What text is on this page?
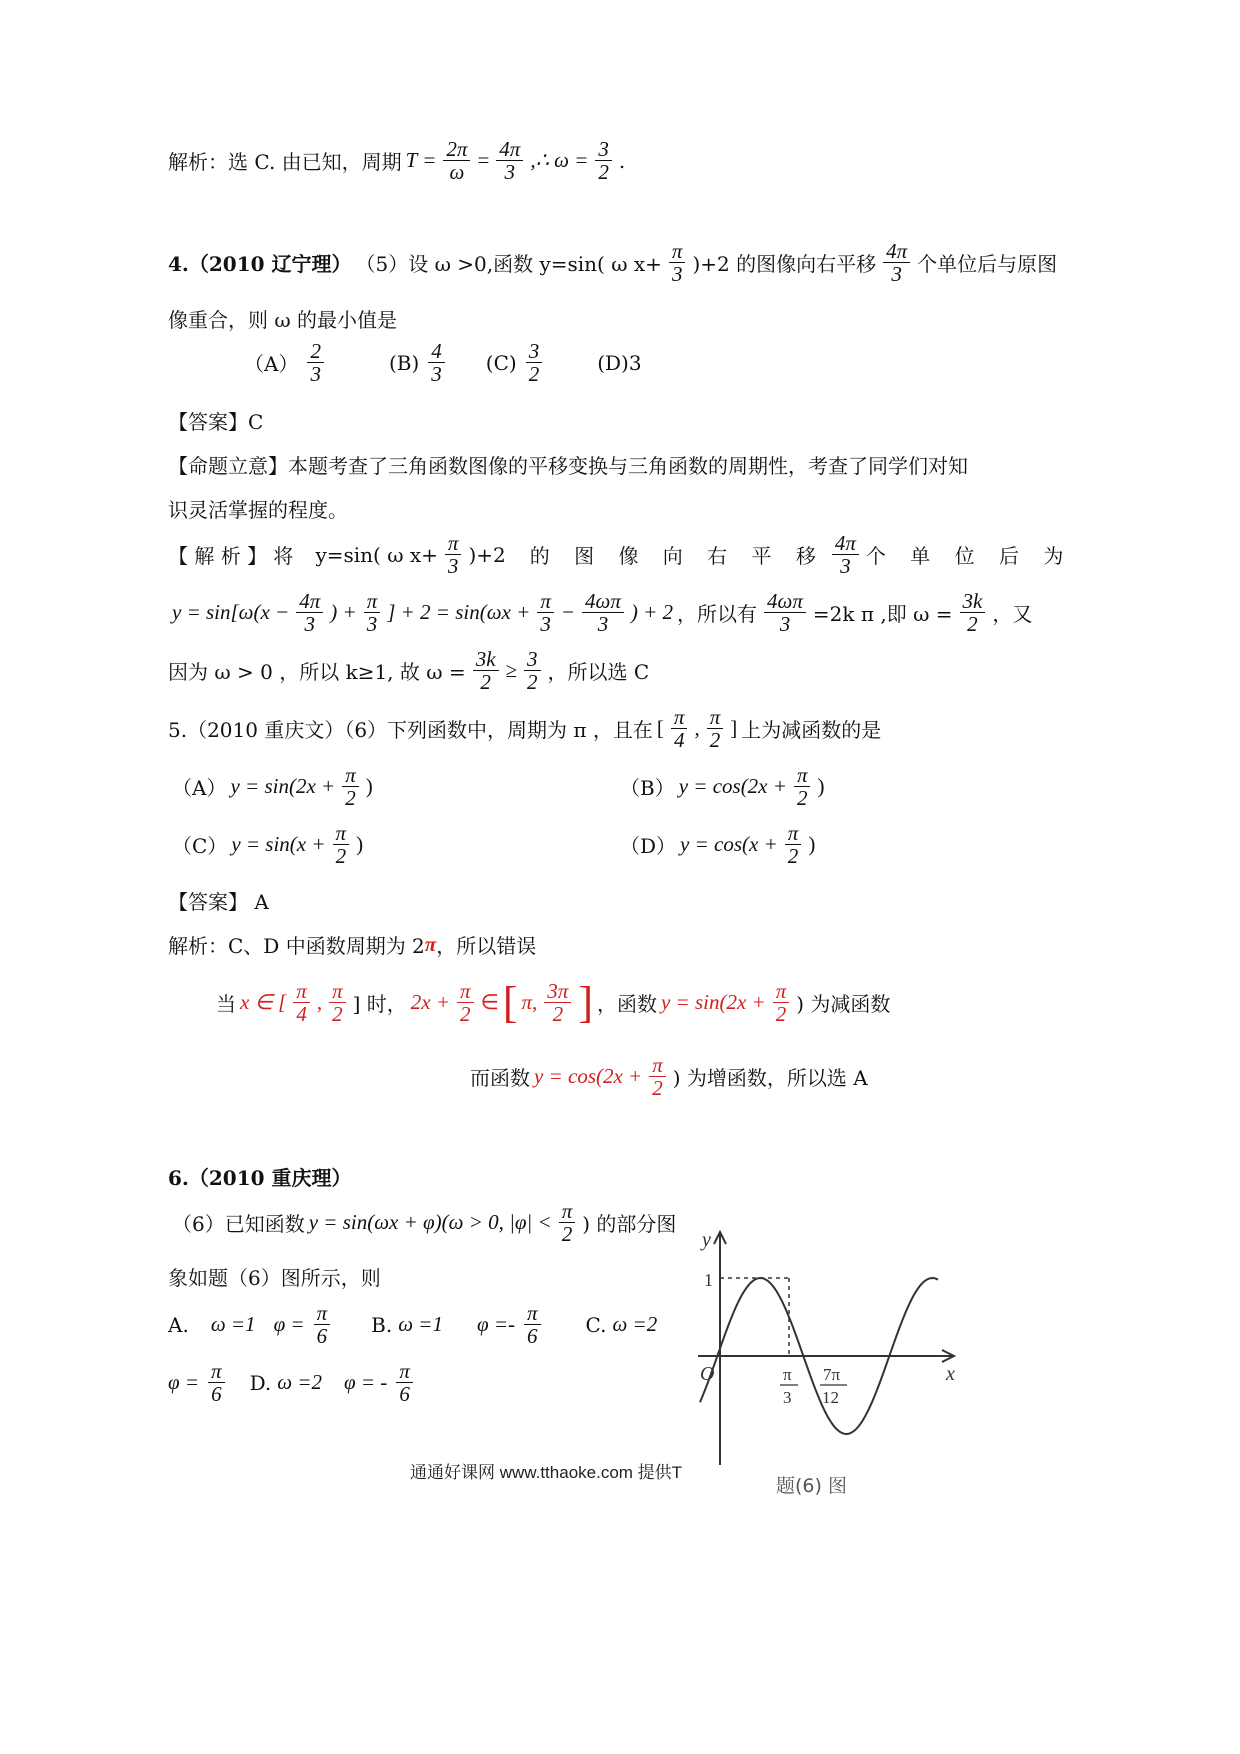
解析：选 C. 由已知，周期 $T = \frac{2\pi}{\omega} = \frac{4\pi}{3}$ ,∴ $\omega = \frac{3}{2}$ .
4.（2010 辽宁理） （5）设 ω >0,函数 y=sin( ω $x+ \frac{\pi}{3} )+2$ 的图像向右平移 $\frac{4\pi}{3}$ 个单位后与原图
像重合，则 ω 的最小值是
$(A) \frac{2}{3}$	$(B) \frac{4}{3} (C) \frac{3}{2}$	(D)3
【答案】C
【命题立意】本题考查了三角函数图像的平移变换与三角函数的周期性，考查了同学们对知
识灵活掌握的程度。
【 解 析 】 将 y=sin( ω $x+ \frac{\pi}{3} )+2$ 的 图 像 向 右 平 移 $\frac{4\pi}{3}$ 个 单 位 后 为
$y = \sin[\omega(x - \frac{4\pi}{3}$ ) + $\frac{\pi}{3}$ ] + $2 = \sin(\omega x + \frac{\pi}{3} - \frac{4\omega\pi}{3}$ ) + 2 ，所以有 $\frac{4\omega\pi}{3} =2k$ π ,即 $\omega = \frac{3k}{2}$ ，又
因为 ω > 0 ，所以 k≥1, 故 $\omega = \frac{3k}{2} \ge \frac{3}{2}$ ，所以选 C
5.（2010 重庆文）（6）下列函数中，周期为 π ，且在 [ $\frac{\pi}{4}$ , $\frac{\pi}{2}$ ] 上为减函数的是
（A） $y = \sin(2x + \frac{\pi}{2}$ )	（B） $y = \cos(2x + \frac{\pi}{2}$ )
（C） $y = \sin(x + \frac{\pi}{2}$ )	（D） $y = \cos(x + \frac{\pi}{2}$ )
【答案】 A
解析：C、D 中函数周期为 2 π ，所以错误
当 x ∈ [ $\frac{\pi}{4}$ , $\frac{\pi}{2}$ ] 时， $2x + \frac{\pi}{2}$ ∈ [ π, $\frac{3\pi}{2}$ ] ，函数 $y = \sin(2x + \frac{\pi}{2}$ ) 为减函数
而函数 $y = \cos(2x + \frac{\pi}{2}$ ) 为增函数，所以选 A
6.（2010 重庆理）
（6）已知函数 y = sin(ωx + φ)(ω > 0, $|\varphi| < \frac{\pi}{2}$ ) 的部分图
象如题（6）图所示，则
A. ω =1 $\varphi = \frac{\pi}{6} B$. ω =1 $\varphi =- \frac{\pi}{6} C$. ω =2
$\varphi = \frac{\pi}{6} D$. ω =2 φ = - $\frac{\pi}{6}$
y
x
O
1
π
3
7π
12
题(6) 图
通通好课网 www.tthaoke.com 提供T
